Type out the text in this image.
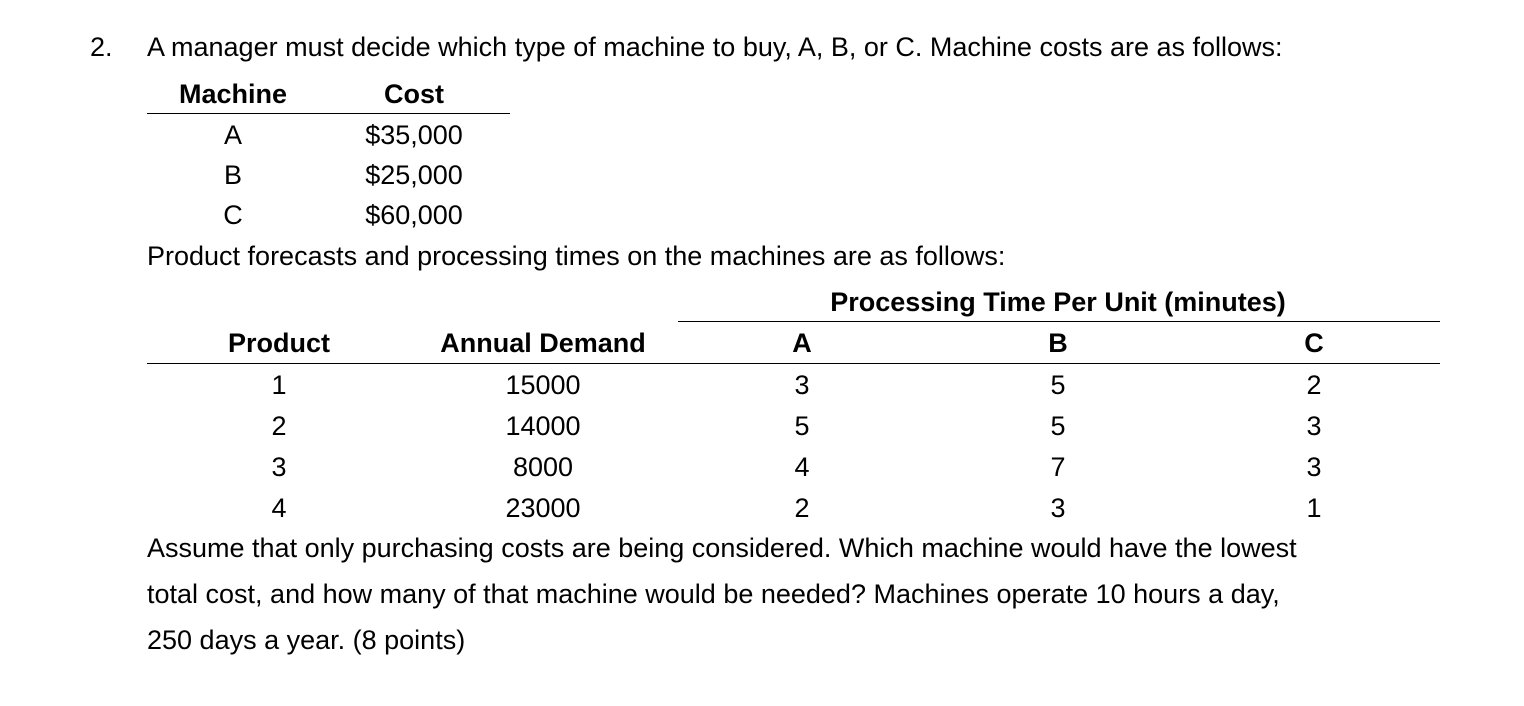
2. A manager must decide which type of machine to buy, A, B, or C. Machine costs are as follows:
Machine	Cost
A	$35,000
B	$25,000
C	$60,000
Product forecasts and processing times on the machines are as follows:
Processing Time Per Unit (minutes)
Product	Annual Demand	A	B	C
1	15000	3	5	2
2	14000	5	5	3
3	8000	4	7	3
4	23000	2	3	1
Assume that only purchasing costs are being considered. Which machine would have the lowest
total cost, and how many of that machine would be needed? Machines operate 10 hours a day,
250 days a year. (8 points)
